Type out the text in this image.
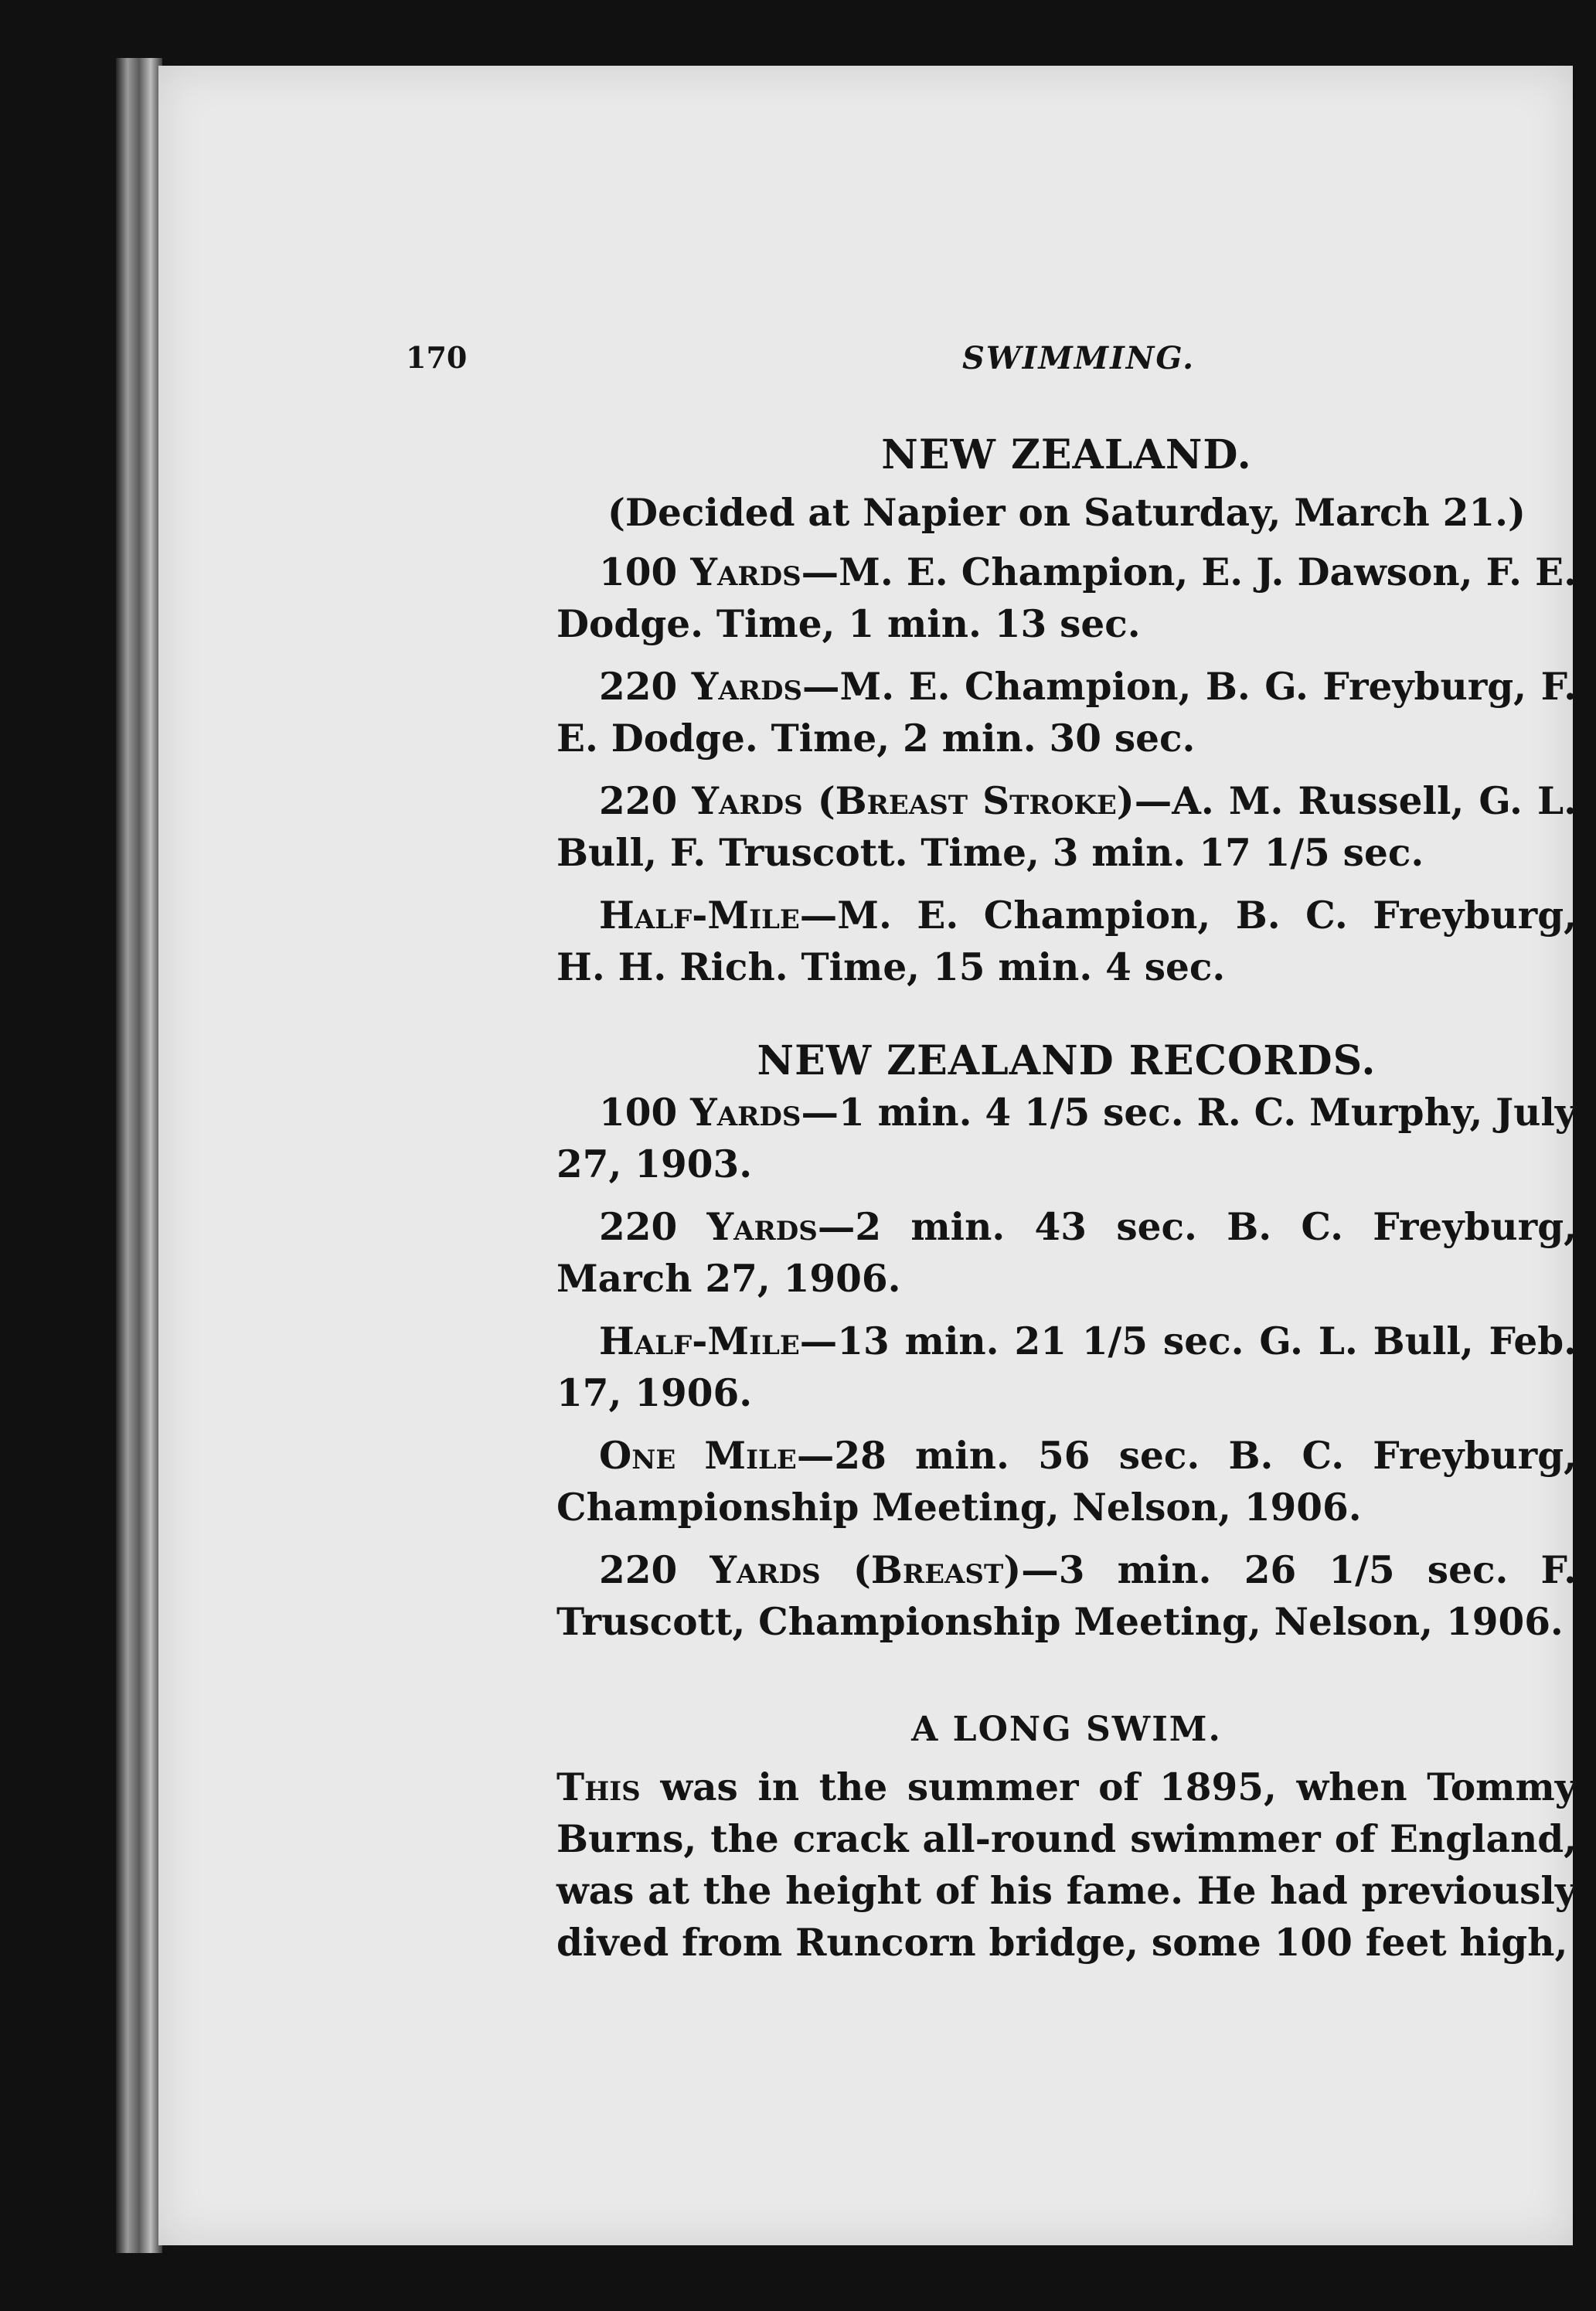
170	SWIMMING.
NEW ZEALAND.

(Decided at Napier on Saturday, March 21.)

100 Yards—M. E. Champion, E. J. Dawson, F. E. Dodge. Time, 1 min. 13 sec.

220 Yards—M. E. Champion, B. G. Freyburg, F. E. Dodge. Time, 2 min. 30 sec.

220 Yards (Breast Stroke)—A. M. Russell, G. L. Bull, F. Truscott. Time, 3 min. 17 1/5 sec.

Half-Mile—M. E. Champion, B. C. Freyburg, H. H. Rich. Time, 15 min. 4 sec.

NEW ZEALAND RECORDS.

100 Yards—1 min. 4 1/5 sec. R. C. Murphy, July 27, 1903.

220 Yards—2 min. 43 sec. B. C. Freyburg, March 27, 1906.

Half-Mile—13 min. 21 1/5 sec. G. L. Bull, Feb. 17, 1906.

One Mile—28 min. 56 sec. B. C. Freyburg, Championship Meeting, Nelson, 1906.

220 Yards (Breast)—3 min. 26 1/5 sec. F. Truscott, Championship Meeting, Nelson, 1906.

A LONG SWIM.

This was in the summer of 1895, when Tommy Burns, the crack all-round swimmer of England, was at the height of his fame. He had previously dived from Runcorn bridge, some 100 feet high,
